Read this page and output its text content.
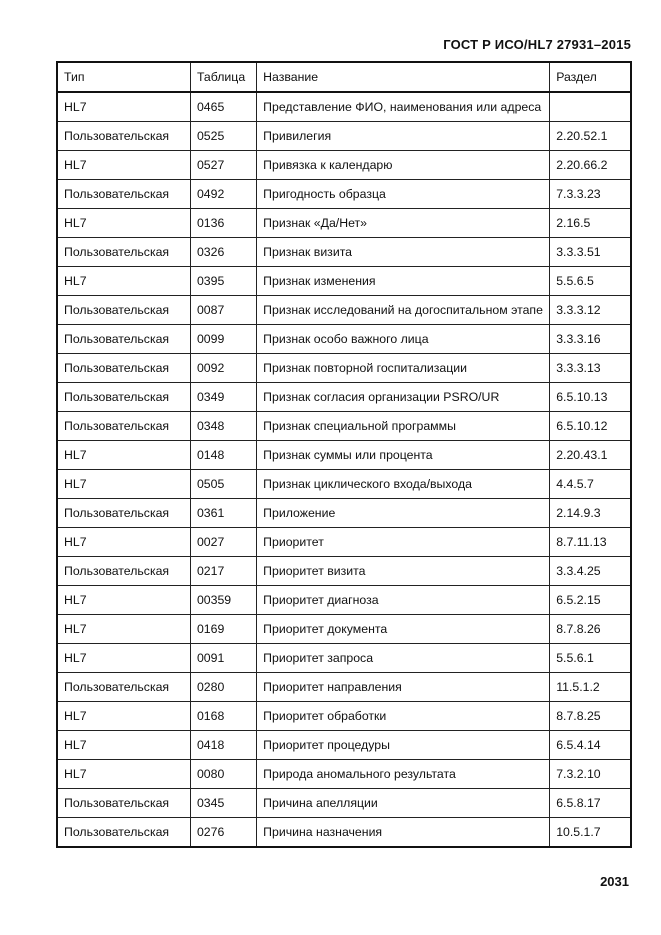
ГОСТ Р ИСО/HL7 27931–2015
Тип	Таблица	Название	Раздел
HL7	0465	Представление ФИО, наименования или адреса	
Пользовательская	0525	Привилегия	2.20.52.1
HL7	0527	Привязка к календарю	2.20.66.2
Пользовательская	0492	Пригодность образца	7.3.3.23
HL7	0136	Признак «Да/Нет»	2.16.5
Пользовательская	0326	Признак визита	3.3.3.51
HL7	0395	Признак изменения	5.5.6.5
Пользовательская	0087	Признак исследований на догоспитальном этапе	3.3.3.12
Пользовательская	0099	Признак особо важного лица	3.3.3.16
Пользовательская	0092	Признак повторной госпитализации	3.3.3.13
Пользовательская	0349	Признак согласия организации PSRO/UR	6.5.10.13
Пользовательская	0348	Признак специальной программы	6.5.10.12
HL7	0148	Признак суммы или процента	2.20.43.1
HL7	0505	Признак циклического входа/выхода	4.4.5.7
Пользовательская	0361	Приложение	2.14.9.3
HL7	0027	Приоритет	8.7.11.13
Пользовательская	0217	Приоритет визита	3.3.4.25
HL7	00359	Приоритет диагноза	6.5.2.15
HL7	0169	Приоритет документа	8.7.8.26
HL7	0091	Приоритет запроса	5.5.6.1
Пользовательская	0280	Приоритет направления	11.5.1.2
HL7	0168	Приоритет обработки	8.7.8.25
HL7	0418	Приоритет процедуры	6.5.4.14
HL7	0080	Природа аномального результата	7.3.2.10
Пользовательская	0345	Причина апелляции	6.5.8.17
Пользовательская	0276	Причина назначения	10.5.1.7
2031
